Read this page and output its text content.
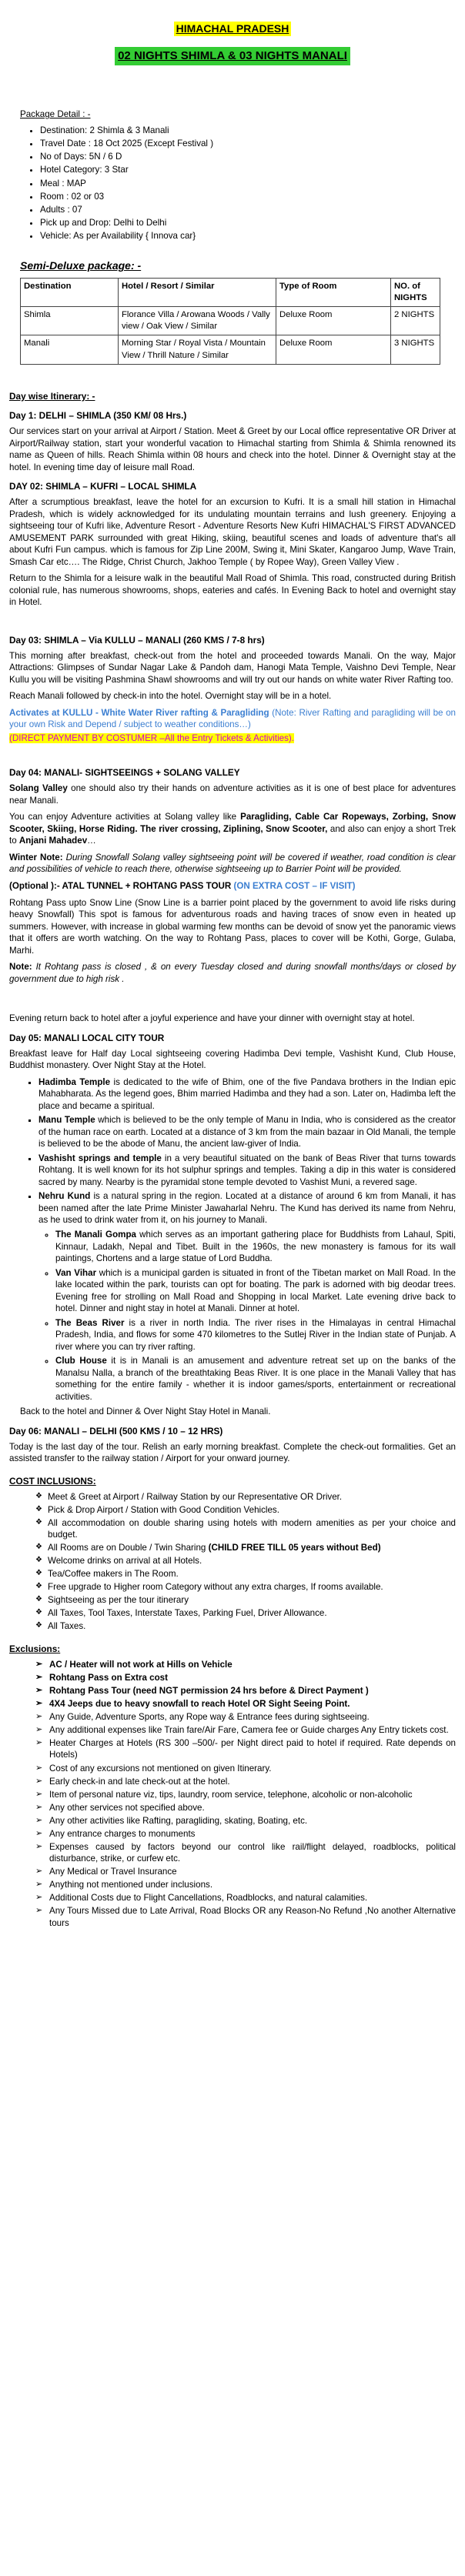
HIMACHAL PRADESH
02 NIGHTS SHIMLA & 03 NIGHTS MANALI
Package Detail : -
• Destination: 2 Shimla & 3 Manali
• Travel Date : 18 Oct 2025 (Except Festival )
• No of Days: 5N / 6 D
• Hotel Category: 3 Star
• Meal : MAP
• Room : 02 or 03
• Adults : 07
• Pick up and Drop: Delhi to Delhi
• Vehicle: As per Availability { Innova car}
Semi-Deluxe package: -
Destination	Hotel / Resort / Similar	Type of Room	NO. of NIGHTS
Shimla	Florance Villa / Arowana Woods / Vally view / Oak View / Similar	Deluxe Room	2 NIGHTS
Manali	Morning Star / Royal Vista / Mountain View / Thrill Nature / Similar	Deluxe Room	3 NIGHTS
Day wise Itinerary: -
Day 1: DELHI – SHIMLA (350 KM/ 08 Hrs.)

Our services start on your arrival at Airport / Station. Meet & Greet by our Local office representative OR Driver at Airport/Railway station, start your wonderful vacation to Himachal starting from Shimla & Shimla renowned its name as Queen of hills. Reach Shimla within 08 hours and check into the hotel. Dinner & Overnight stay at the hotel. In evening time day of leisure mall Road.

DAY 02: SHIMLA – KUFRI – LOCAL SHIMLA

After a scrumptious breakfast, leave the hotel for an excursion to Kufri. It is a small hill station in Himachal Pradesh, which is widely acknowledged for its undulating mountain terrains and lush greenery. Enjoying a sightseeing tour of Kufri like, Adventure Resort - Adventure Resorts New Kufri HIMACHAL'S FIRST ADVANCED AMUSEMENT PARK surrounded with great Hiking, skiing, beautiful scenes and loads of adventure that's all about Kufri Fun campus. which is famous for Zip Line 200M, Swing it, Mini Skater, Kangaroo Jump, Wave Train, Smash Car etc…. The Ridge, Christ Church, Jakhoo Temple ( by Ropee Way), Green Valley View .

Return to the Shimla for a leisure walk in the beautiful Mall Road of Shimla. This road, constructed during British colonial rule, has numerous showrooms, shops, eateries and cafés. In Evening Back to hotel and overnight stay in Hotel.

Day 03: SHIMLA – Via KULLU – MANALI (260 KMS / 7-8 hrs)

This morning after breakfast, check-out from the hotel and proceeded towards Manali. On the way, Major Attractions: Glimpses of Sundar Nagar Lake & Pandoh dam, Hanogi Mata Temple, Vaishno Devi Temple, Near Kullu you will be visiting Pashmina Shawl showrooms and will try out our hands on white water River Rafting too.

Reach Manali followed by check-in into the hotel. Overnight stay will be in a hotel.

Activates at KULLU - White Water River rafting & Paragliding (Note: River Rafting and paragliding will be on your own Risk and Depend / subject to weather conditions…)

(DIRECT PAYMENT BY COSTUMER –All the Entry Tickets & Activities).

Day 04: MANALI- SIGHTSEEINGS + SOLANG VALLEY

Solang Valley one should also try their hands on adventure activities as it is one of best place for adventures near Manali.

You can enjoy Adventure activities at Solang valley like Paragliding, Cable Car Ropeways, Zorbing, Snow Scooter, Skiing, Horse Riding. The river crossing, Ziplining, Snow Scooter, and also can enjoy a short Trek to Anjani Mahadev…

Winter Note: During Snowfall Solang valley sightseeing point will be covered if weather, road condition is clear and possibilities of vehicle to reach there, otherwise sightseeing up to Barrier Point will be provided.

(Optional ):- ATAL TUNNEL + ROHTANG PASS TOUR (ON EXTRA COST – IF VISIT)

Rohtang Pass upto Snow Line (Snow Line is a barrier point placed by the government to avoid life risks during heavy Snowfall) This spot is famous for adventurous roads and having traces of snow even in heated up summers. However, with increase in global warming few months can be devoid of snow yet the panoramic views that it offers are worth watching. On the way to Rohtang Pass, places to cover will be Kothi, Gorge, Gulaba, Marhi.

Note: It Rohtang pass is closed , & on every Tuesday closed and during snowfall months/days or closed by government due to high risk .

Evening return back to hotel after a joyful experience and have your dinner with overnight stay at hotel.

Day 05: MANALI LOCAL CITY TOUR

Breakfast leave for Half day Local sightseeing covering Hadimba Devi temple, Vashisht Kund, Club House, Buddhist monastery. Over Night Stay at the Hotel.

▪ Hadimba Temple is dedicated to the wife of Bhim, one of the five Pandava brothers in the Indian epic Mahabharata. As the legend goes, Bhim married Hadimba and they had a son. Later on, Hadimba left the place and became a spiritual.
▪ Manu Temple which is believed to be the only temple of Manu in India, who is considered as the creator of the human race on earth. Located at a distance of 3 km from the main bazaar in Old Manali, the temple is believed to be the abode of Manu, the ancient law-giver of India.
▪ Vashisht springs and temple in a very beautiful situated on the bank of Beas River that turns towards Rohtang. It is well known for its hot sulphur springs and temples. Taking a dip in this water is considered sacred by many. Nearby is the pyramidal stone temple devoted to Vashist Muni, a revered sage.
▪ Nehru Kund is a natural spring in the region. Located at a distance of around 6 km from Manali, it has been named after the late Prime Minister Jawaharlal Nehru. The Kund has derived its name from Nehru, as he used to drink water from it, on his journey to Manali.
◦ The Manali Gompa which serves as an important gathering place for Buddhists from Lahaul, Spiti, Kinnaur, Ladakh, Nepal and Tibet. Built in the 1960s, the new monastery is famous for its wall paintings, Chortens and a large statue of Lord Buddha.
◦ Van Vihar which is a municipal garden is situated in front of the Tibetan market on Mall Road. In the lake located within the park, tourists can opt for boating. The park is adorned with big deodar trees. Evening free for strolling on Mall Road and Shopping in local Market. Late evening drive back to hotel. Dinner and night stay in hotel at Manali. Dinner at hotel.
◦ The Beas River is a river in north India. The river rises in the Himalayas in central Himachal Pradesh, India, and flows for some 470 kilometres to the Sutlej River in the Indian state of Punjab. A river where you can try river rafting.
◦ Club House it is in Manali is an amusement and adventure retreat set up on the banks of the Manalsu Nalla, a branch of the breathtaking Beas River. It is one place in the Manali Valley that has something for the entire family - whether it is indoor games/sports, entertainment or recreational activities.

Back to the hotel and Dinner & Over Night Stay Hotel in Manali.

Day 06: MANALI – DELHI (500 KMS / 10 – 12 HRS)

Today is the last day of the tour. Relish an early morning breakfast. Complete the check-out formalities. Get an assisted transfer to the railway station / Airport for your onward journey.

COST INCLUSIONS:
❖ Meet & Greet at Airport / Railway Station by our Representative OR Driver.
❖ Pick & Drop Airport / Station with Good Condition Vehicles.
❖ All accommodation on double sharing using hotels with modern amenities as per your choice and budget.
❖ All Rooms are on Double / Twin Sharing (CHILD FREE TILL 05 years without Bed)
❖ Welcome drinks on arrival at all Hotels.
❖ Tea/Coffee makers in The Room.
❖ Free upgrade to Higher room Category without any extra charges, If rooms available.
❖ Sightseeing as per the tour itinerary
❖ All Taxes, Tool Taxes, Interstate Taxes, Parking Fuel, Driver Allowance.
❖ All Taxes.
Exclusions:
➢ AC / Heater will not work at Hills on Vehicle
➢ Rohtang Pass on Extra cost
➢ Rohtang Pass Tour (need NGT permission 24 hrs before & Direct Payment )
➢ 4X4 Jeeps due to heavy snowfall to reach Hotel OR Sight Seeing Point.
➢ Any Guide, Adventure Sports, any Rope way & Entrance fees during sightseeing.
➢ Any additional expenses like Train fare/Air Fare, Camera fee or Guide charges Any Entry tickets cost.
➢ Heater Charges at Hotels (RS 300 –500/- per Night direct paid to hotel if required. Rate depends on Hotels)
➢ Cost of any excursions not mentioned on given Itinerary.
➢ Early check-in and late check-out at the hotel.
➢ Item of personal nature viz, tips, laundry, room service, telephone, alcoholic or non-alcoholic
➢ Any other services not specified above.
➢ Any other activities like Rafting, paragliding, skating, Boating, etc.
➢ Any entrance charges to monuments
➢ Expenses caused by factors beyond our control like rail/flight delayed, roadblocks, political disturbance, strike, or curfew etc.
➢ Any Medical or Travel Insurance
➢ Anything not mentioned under inclusions.
➢ Additional Costs due to Flight Cancellations, Roadblocks, and natural calamities.
➢ Any Tours Missed due to Late Arrival, Road Blocks OR any Reason-No Refund ,No another Alternative tours
